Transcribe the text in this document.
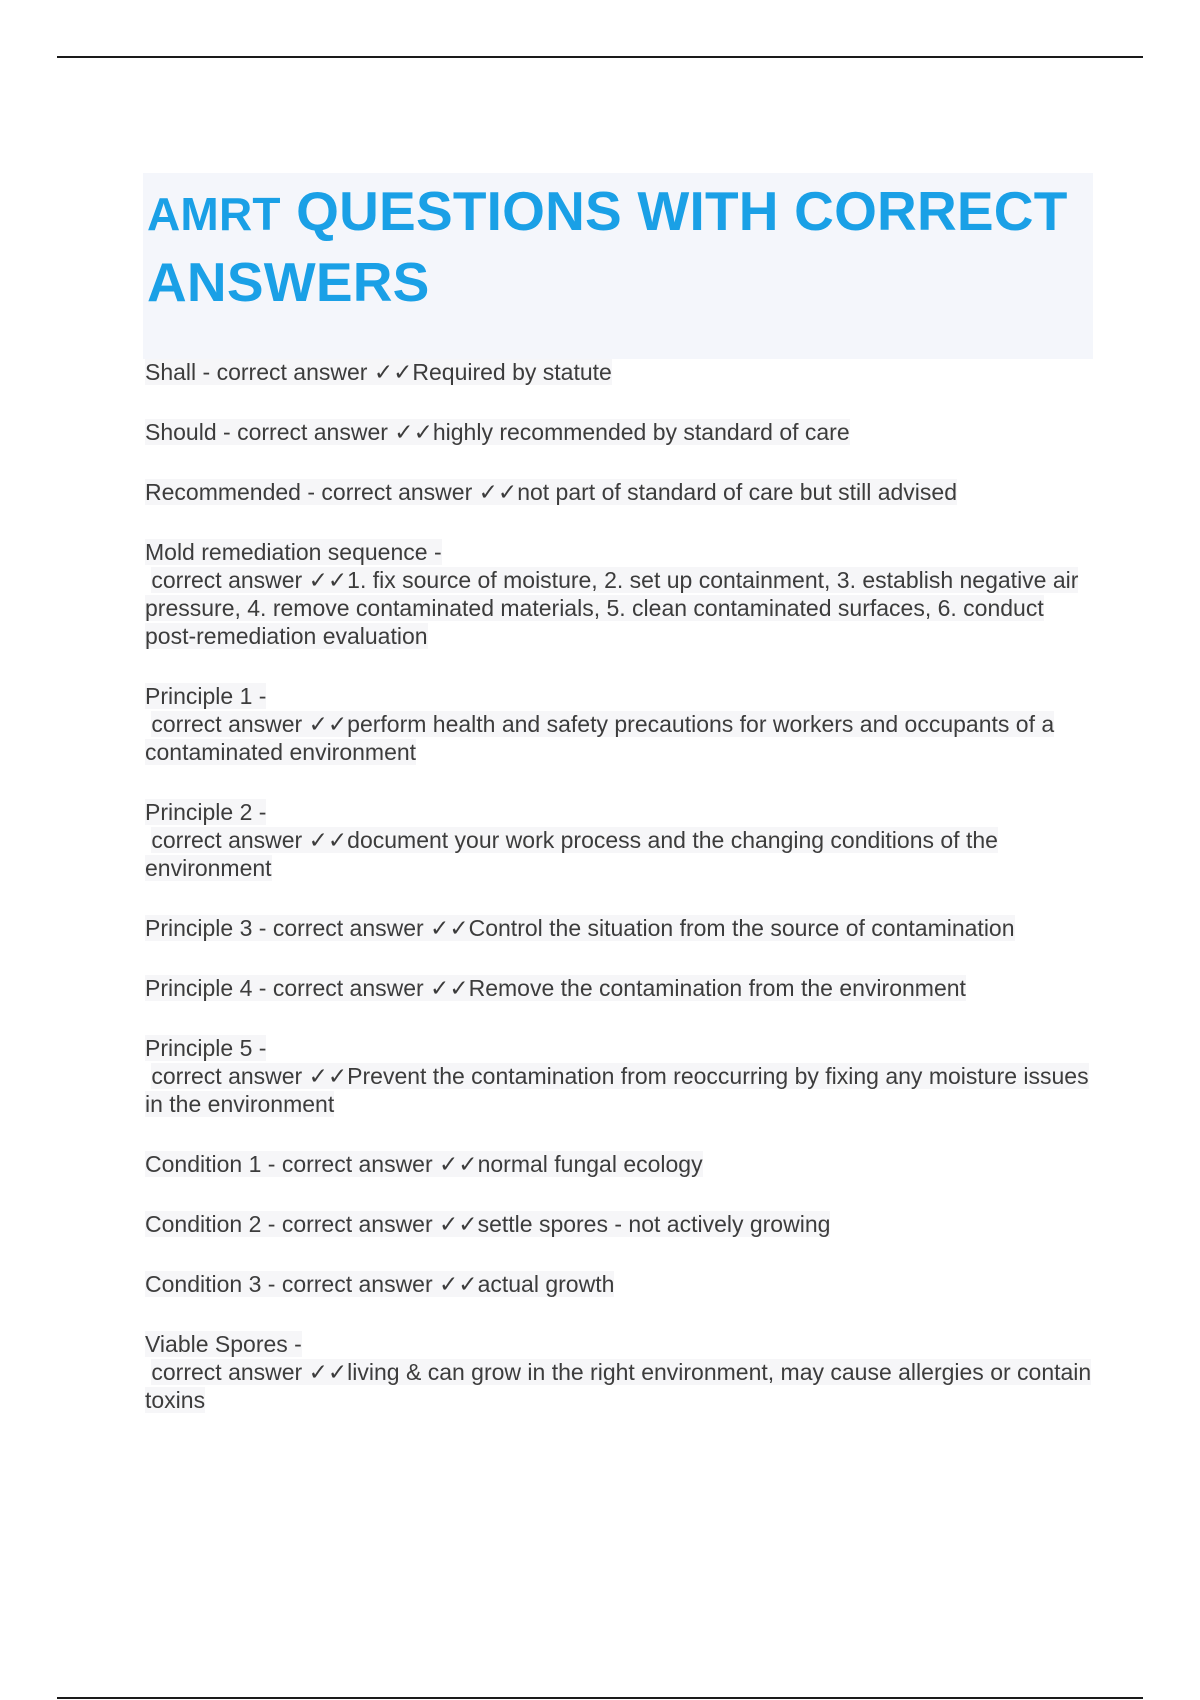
AMRT QUESTIONS WITH CORRECT ANSWERS
Shall - correct answer ✓✓Required by statute
Should - correct answer ✓✓highly recommended by standard of care
Recommended - correct answer ✓✓not part of standard of care but still advised
Mold remediation sequence -
correct answer ✓✓1. fix source of moisture, 2. set up containment, 3. establish negative air pressure, 4. remove contaminated materials, 5. clean contaminated surfaces, 6. conduct post-remediation evaluation
Principle 1 -
correct answer ✓✓perform health and safety precautions for workers and occupants of a contaminated environment
Principle 2 -
correct answer ✓✓document your work process and the changing conditions of the environment
Principle 3 - correct answer ✓✓Control the situation from the source of contamination
Principle 4 - correct answer ✓✓Remove the contamination from the environment
Principle 5 -
correct answer ✓✓Prevent the contamination from reoccurring by fixing any moisture issues in the environment
Condition 1 - correct answer ✓✓normal fungal ecology
Condition 2 - correct answer ✓✓settle spores - not actively growing
Condition 3 - correct answer ✓✓actual growth
Viable Spores -
correct answer ✓✓living & can grow in the right environment, may cause allergies or contain toxins
